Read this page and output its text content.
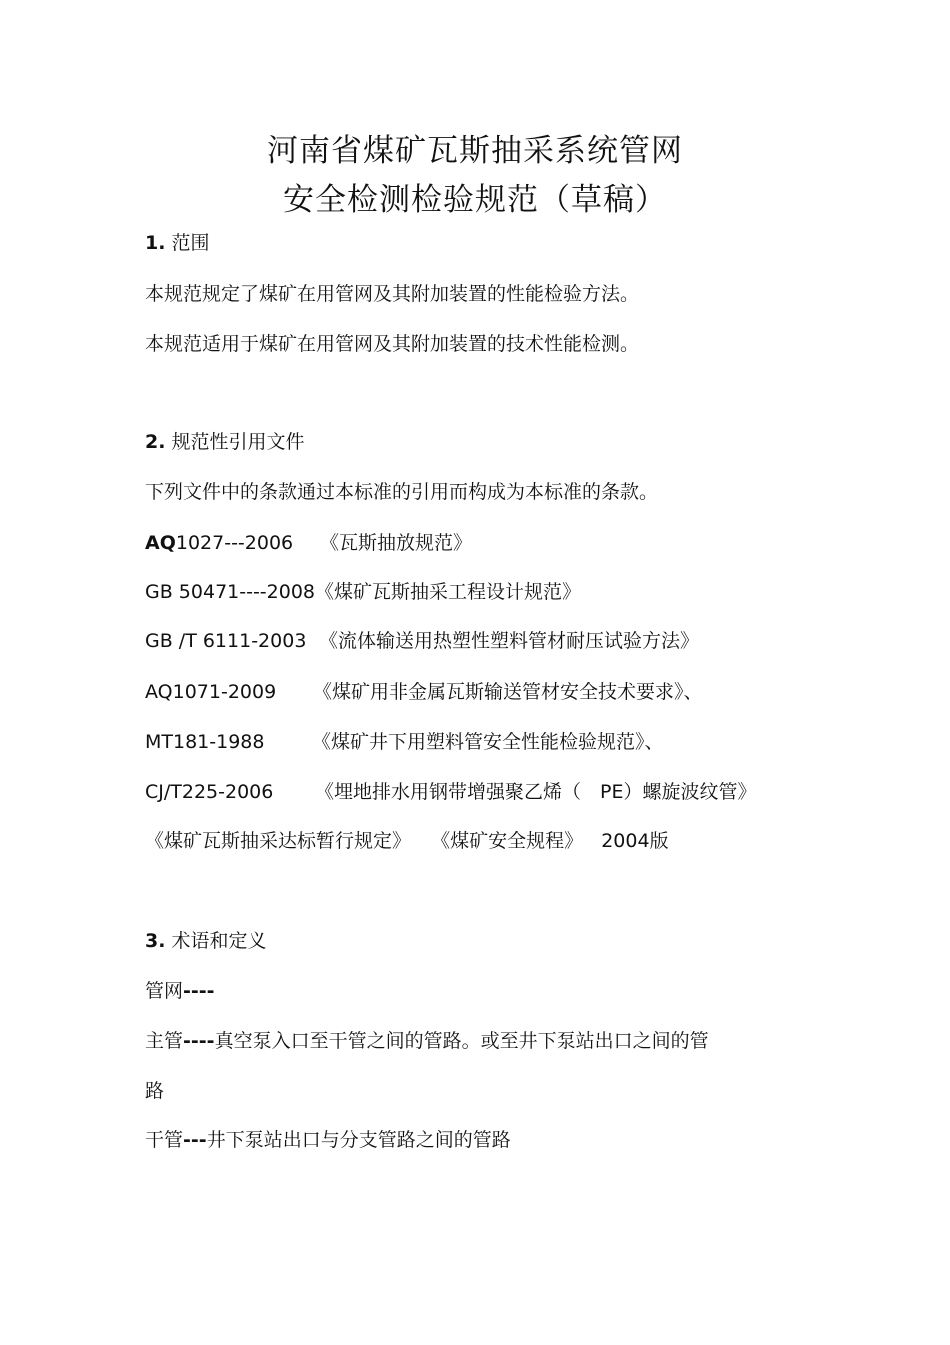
河南省煤矿瓦斯抽采系统管网
安全检测检验规范（草稿）

1. 范围

本规范规定了煤矿在用管网及其附加装置的性能检验方法。

本规范适用于煤矿在用管网及其附加装置的技术性能检测。

2. 规范性引用文件

下列文件中的条款通过本标准的引用而构成为本标准的条款。

AQ1027---2006 《瓦斯抽放规范》

GB 50471----2008《煤矿瓦斯抽采工程设计规范》

GB /T 6111-2003 《流体输送用热塑性塑料管材耐压试验方法》

AQ1071-2009 《煤矿用非金属瓦斯输送管材安全技术要求》、

MT181-1988	《煤矿井下用塑料管安全性能检验规范》、

CJ/T225-2006 《埋地排水用钢带增强聚乙烯（　PE）螺旋波纹管》

《煤矿瓦斯抽采达标暂行规定》 《煤矿安全规程》 2004版

3. 术语和定义

管网----

主管----真空泵入口至干管之间的管路。或至井下泵站出口之间的管

路

干管---井下泵站出口与分支管路之间的管路
